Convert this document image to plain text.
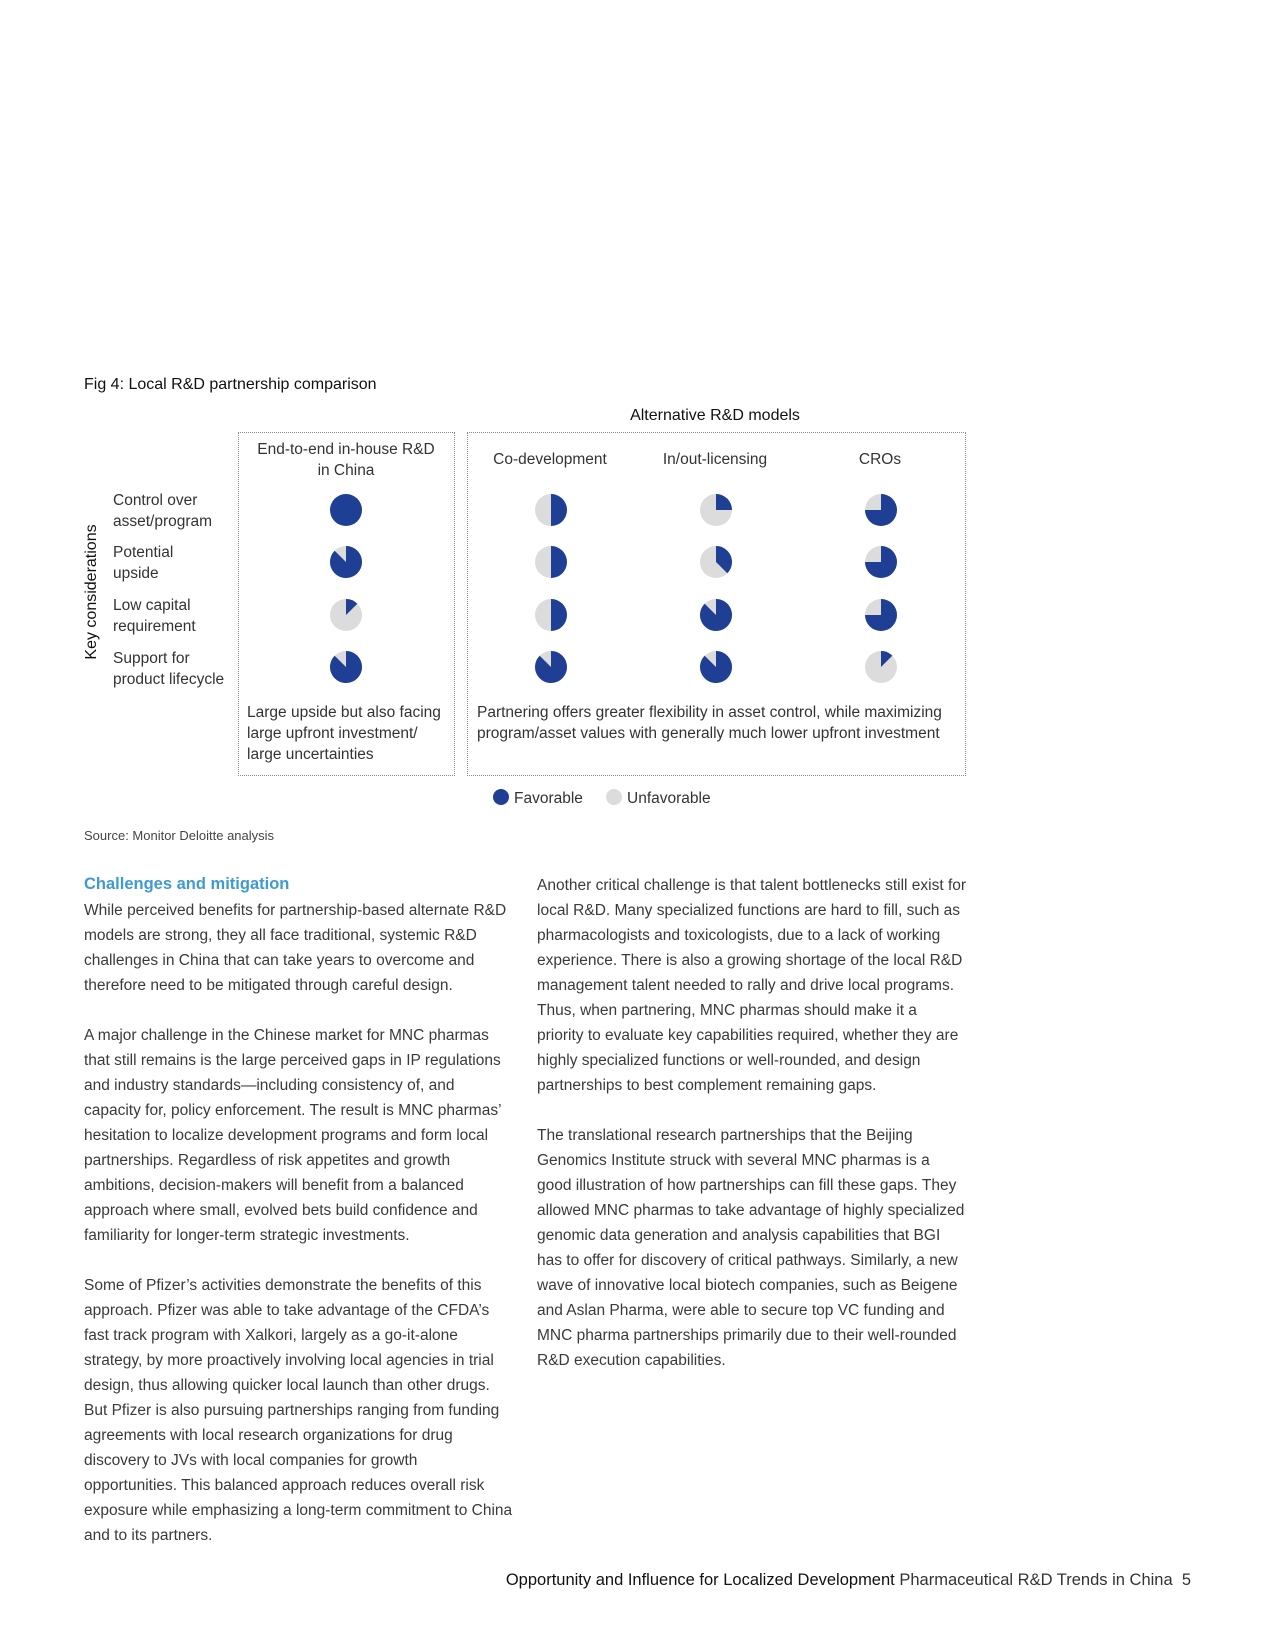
Fig 4: Local R&D partnership comparison
Alternative R&D models
Key considerations
End-to-end in-house R&D
in China
Co-development	In/out-licensing	CROs
Control over
asset/program
Potential
upside
Low capital
requirement
Support for
product lifecycle
Large upside but also facing large upfront investment/ large uncertainties
Partnering offers greater flexibility in asset control, while maximizing program/asset values with generally much lower upfront investment
Favorable	Unfavorable
Source: Monitor Deloitte analysis
Challenges and mitigation

While perceived benefits for partnership-based alternate R&D models are strong, they all face traditional, systemic R&D challenges in China that can take years to overcome and therefore need to be mitigated through careful design.

A major challenge in the Chinese market for MNC pharmas that still remains is the large perceived gaps in IP regulations and industry standards—including consistency of, and capacity for, policy enforcement. The result is MNC pharmas’ hesitation to localize development programs and form local partnerships. Regardless of risk appetites and growth ambitions, decision-makers will benefit from a balanced approach where small, evolved bets build confidence and familiarity for longer-term strategic investments.

Some of Pfizer’s activities demonstrate the benefits of this approach. Pfizer was able to take advantage of the CFDA’s fast track program with Xalkori, largely as a go-it-alone strategy, by more proactively involving local agencies in trial design, thus allowing quicker local launch than other drugs. But Pfizer is also pursuing partnerships ranging from funding agreements with local research organizations for drug discovery to JVs with local companies for growth opportunities. This balanced approach reduces overall risk exposure while emphasizing a long-term commitment to China and to its partners.

Another critical challenge is that talent bottlenecks still exist for local R&D. Many specialized functions are hard to fill, such as pharmacologists and toxicologists, due to a lack of working experience. There is also a growing shortage of the local R&D management talent needed to rally and drive local programs. Thus, when partnering, MNC pharmas should make it a priority to evaluate key capabilities required, whether they are highly specialized functions or well-rounded, and design partnerships to best complement remaining gaps.

The translational research partnerships that the Beijing Genomics Institute struck with several MNC pharmas is a good illustration of how partnerships can fill these gaps. They allowed MNC pharmas to take advantage of highly specialized genomic data generation and analysis capabilities that BGI has to offer for discovery of critical pathways. Similarly, a new wave of innovative local biotech companies, such as Beigene and Aslan Pharma, were able to secure top VC funding and MNC pharma partnerships primarily due to their well-rounded R&D execution capabilities.

Opportunity and Influence for Localized Development Pharmaceutical R&D Trends in China 5
